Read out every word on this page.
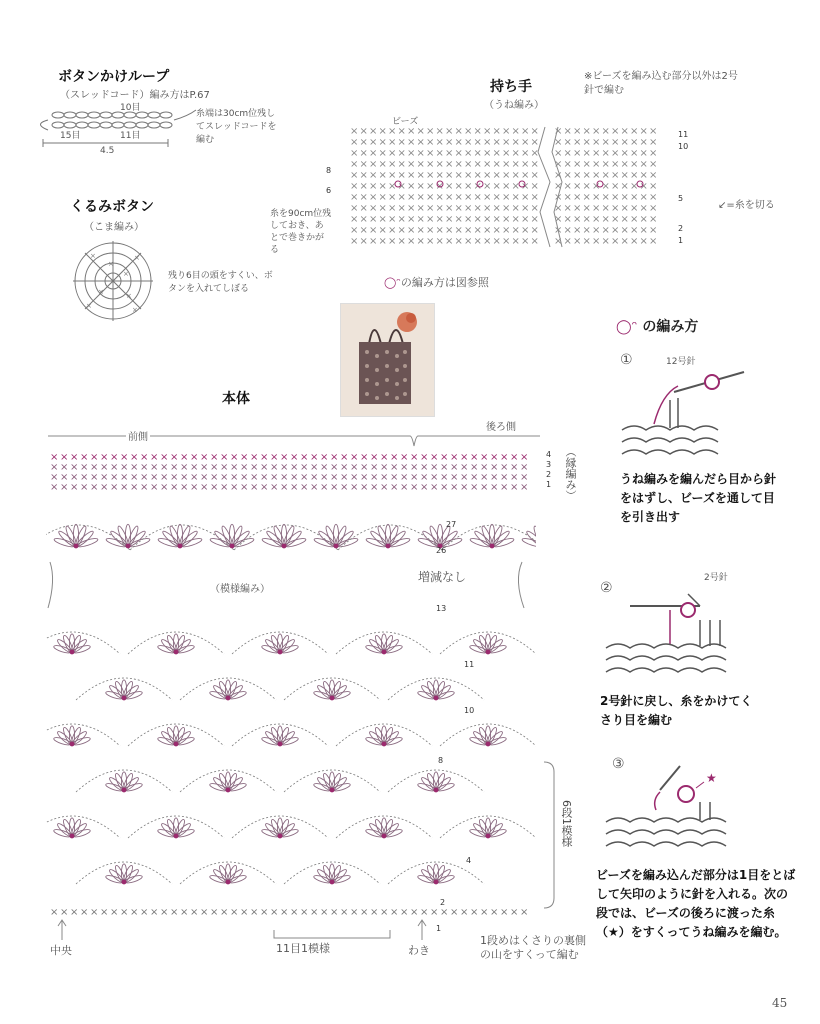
ボタンかけループ
（スレッドコード）編み方はP.67
10目
15目	11目
4.5
糸端は30cm位残してスレッドコードを編む
くるみボタン
（こま編み）
×
×
×	×
×	×
×	×
残り6目の頭をすくい、ボタンを入れてしぼる
持ち手
（うね編み）
※ビーズを編み込む部分以外は2号針で編む
ビーズ
× × × × × × × × × × × × × × × × × × × ×
× × × × × × × × × × × × × × × × × × × ×
× × × × × × × × × × × × × × × × × × × ×
× × × × × × × × × × × × × × × × × × × ×
× × × × × × × × × × × × × × × × × × × ×
× × × × × × × × × × × × × × × × × × × ×
× × × × × × × × × × × × × × × × × × × ×
× × × × × × × × × × × × × × × × × × × ×
× × × × × × × × × × × × × × × × × × × ×
× × × × × × × × × × × × × × × × × × × ×
× × × × × × × × × × × × × × × × × × × ×
× × × × × × × × × × ×
× × × × × × × × × × ×
× × × × × × × × × × ×
× × × × × × × × × × ×
× × × × × × × × × × ×
× × × × × × × × × × ×
× × × × × × × × × × ×
× × × × × × × × × × ×
× × × × × × × × × × ×
× × × × × × × × × × ×
× × × × × × × × × × ×
8
6
11
10
5
2
1
糸を90cm位残しておき、あとで巻きかがる
↙=糸を切る
◯ᵔの編み方は図参照
本体
前側
後ろ側
（縁編み）
× × × × × × × × × × × × × × × × × × × × × × × × × × × × × × × × × × × × × × × × × × × × × × × ×
× × × × × × × × × × × × × × × × × × × × × × × × × × × × × × × × × × × × × × × × × × × × × × × ×
× × × × × × × × × × × × × × × × × × × × × × × × × × × × × × × × × × × × × × × × × × × × × × × ×
× × × × × × × × × × × × × × × × × × × × × × × × × × × × × × × × × × × × × × × × × × × × × × × ×
4
3
2
1
27
26
（模様編み）
増減なし
13
11
10
8
4
2
1
× × × × × × × × × × × × × × × × × × × × × × × × × × × × × × × × × × × × × × × × × × × × × × × ×
6段1模様
中央	わき
11目1模様
1段めはくさりの裏側の山をすくって編む
◯ᵔ の編み方
①	12号針
うね編みを編んだら目から針をはずし、ビーズを通して目を引き出す
②
2号針
2号針に戻し、糸をかけてくさり目を編む
③
★
ビーズを編み込んだ部分は1目をとばして矢印のように針を入れる。次の段では、ビーズの後ろに渡った糸（★）をすくってうね編みを編む。
45
